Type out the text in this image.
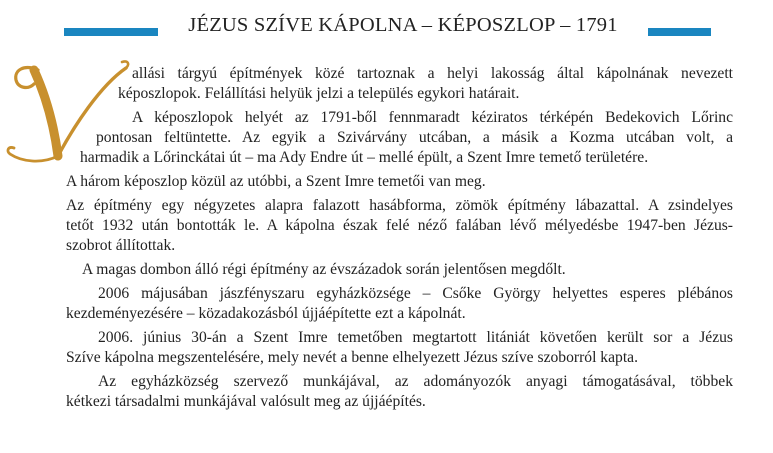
JÉZUS SZÍVE KÁPOLNA – KÉPOSZLOP – 1791
allási tárgyú építmények közé tartoznak a helyi lakosság által kápolnának nevezett
képoszlopok. Felállítási helyük jelzi a település egykori határait.
A képoszlopok helyét az 1791-ből fennmaradt kéziratos térképén Bedekovich Lőrinc
pontosan feltüntette. Az egyik a Szivárvány utcában, a másik a Kozma utcában volt, a
harmadik a Lőrinckátai út – ma Ady Endre út – mellé épült, a Szent Imre temető területére.
A három képoszlop közül az utóbbi, a Szent Imre temetői van meg.
Az építmény egy négyzetes alapra falazott hasábforma, zömök építmény lábazattal. A zsindelyes
tetőt 1932 után bontották le. A kápolna észak felé néző falában lévő mélyedésbe 1947-ben Jézus-
szobrot állítottak.
A magas dombon álló régi építmény az évszázadok során jelentősen megdőlt.
2006 májusában jászfényszaru egyházközsége – Csőke György helyettes esperes plébános
kezdeményezésére – közadakozásból újjáépítette ezt a kápolnát.
2006. június 30-án a Szent Imre temetőben megtartott litániát követően került sor a Jézus
Szíve kápolna megszentelésére, mely nevét a benne elhelyezett Jézus szíve szoborról kapta.
Az egyházközség szervező munkájával, az adományozók anyagi támogatásával, többek
kétkezi társadalmi munkájával valósult meg az újjáépítés.
